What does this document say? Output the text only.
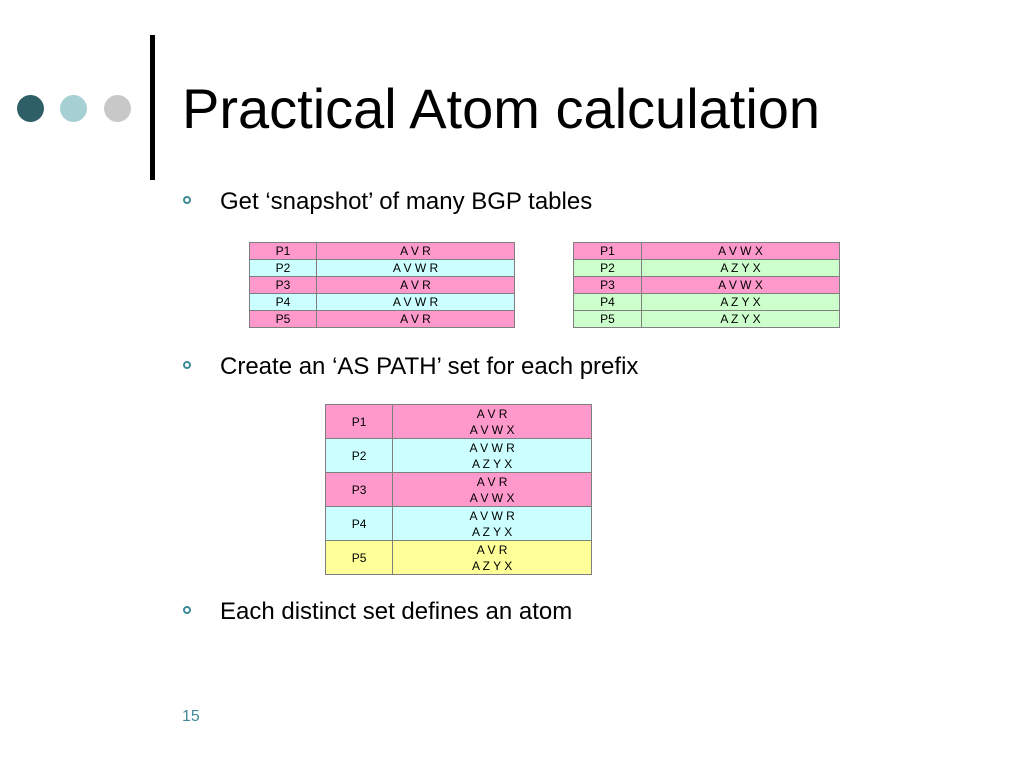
Practical Atom calculation
Get ‘snapshot’ of many BGP tables
P1	A V R
P2	A V W R
P3	A V R
P4	A V W R
P5	A V R
P1	A V W X
P2	A Z Y X
P3	A V W X
P4	A Z Y X
P5	A Z Y X
Create an ‘AS PATH’ set for each prefix
P1	A V R
A V W X
P2	A V W R
A Z Y X
P3	A V R
A V W X
P4	A V W R
A Z Y X
P5	A V R
A Z Y X
Each distinct set defines an atom
15
